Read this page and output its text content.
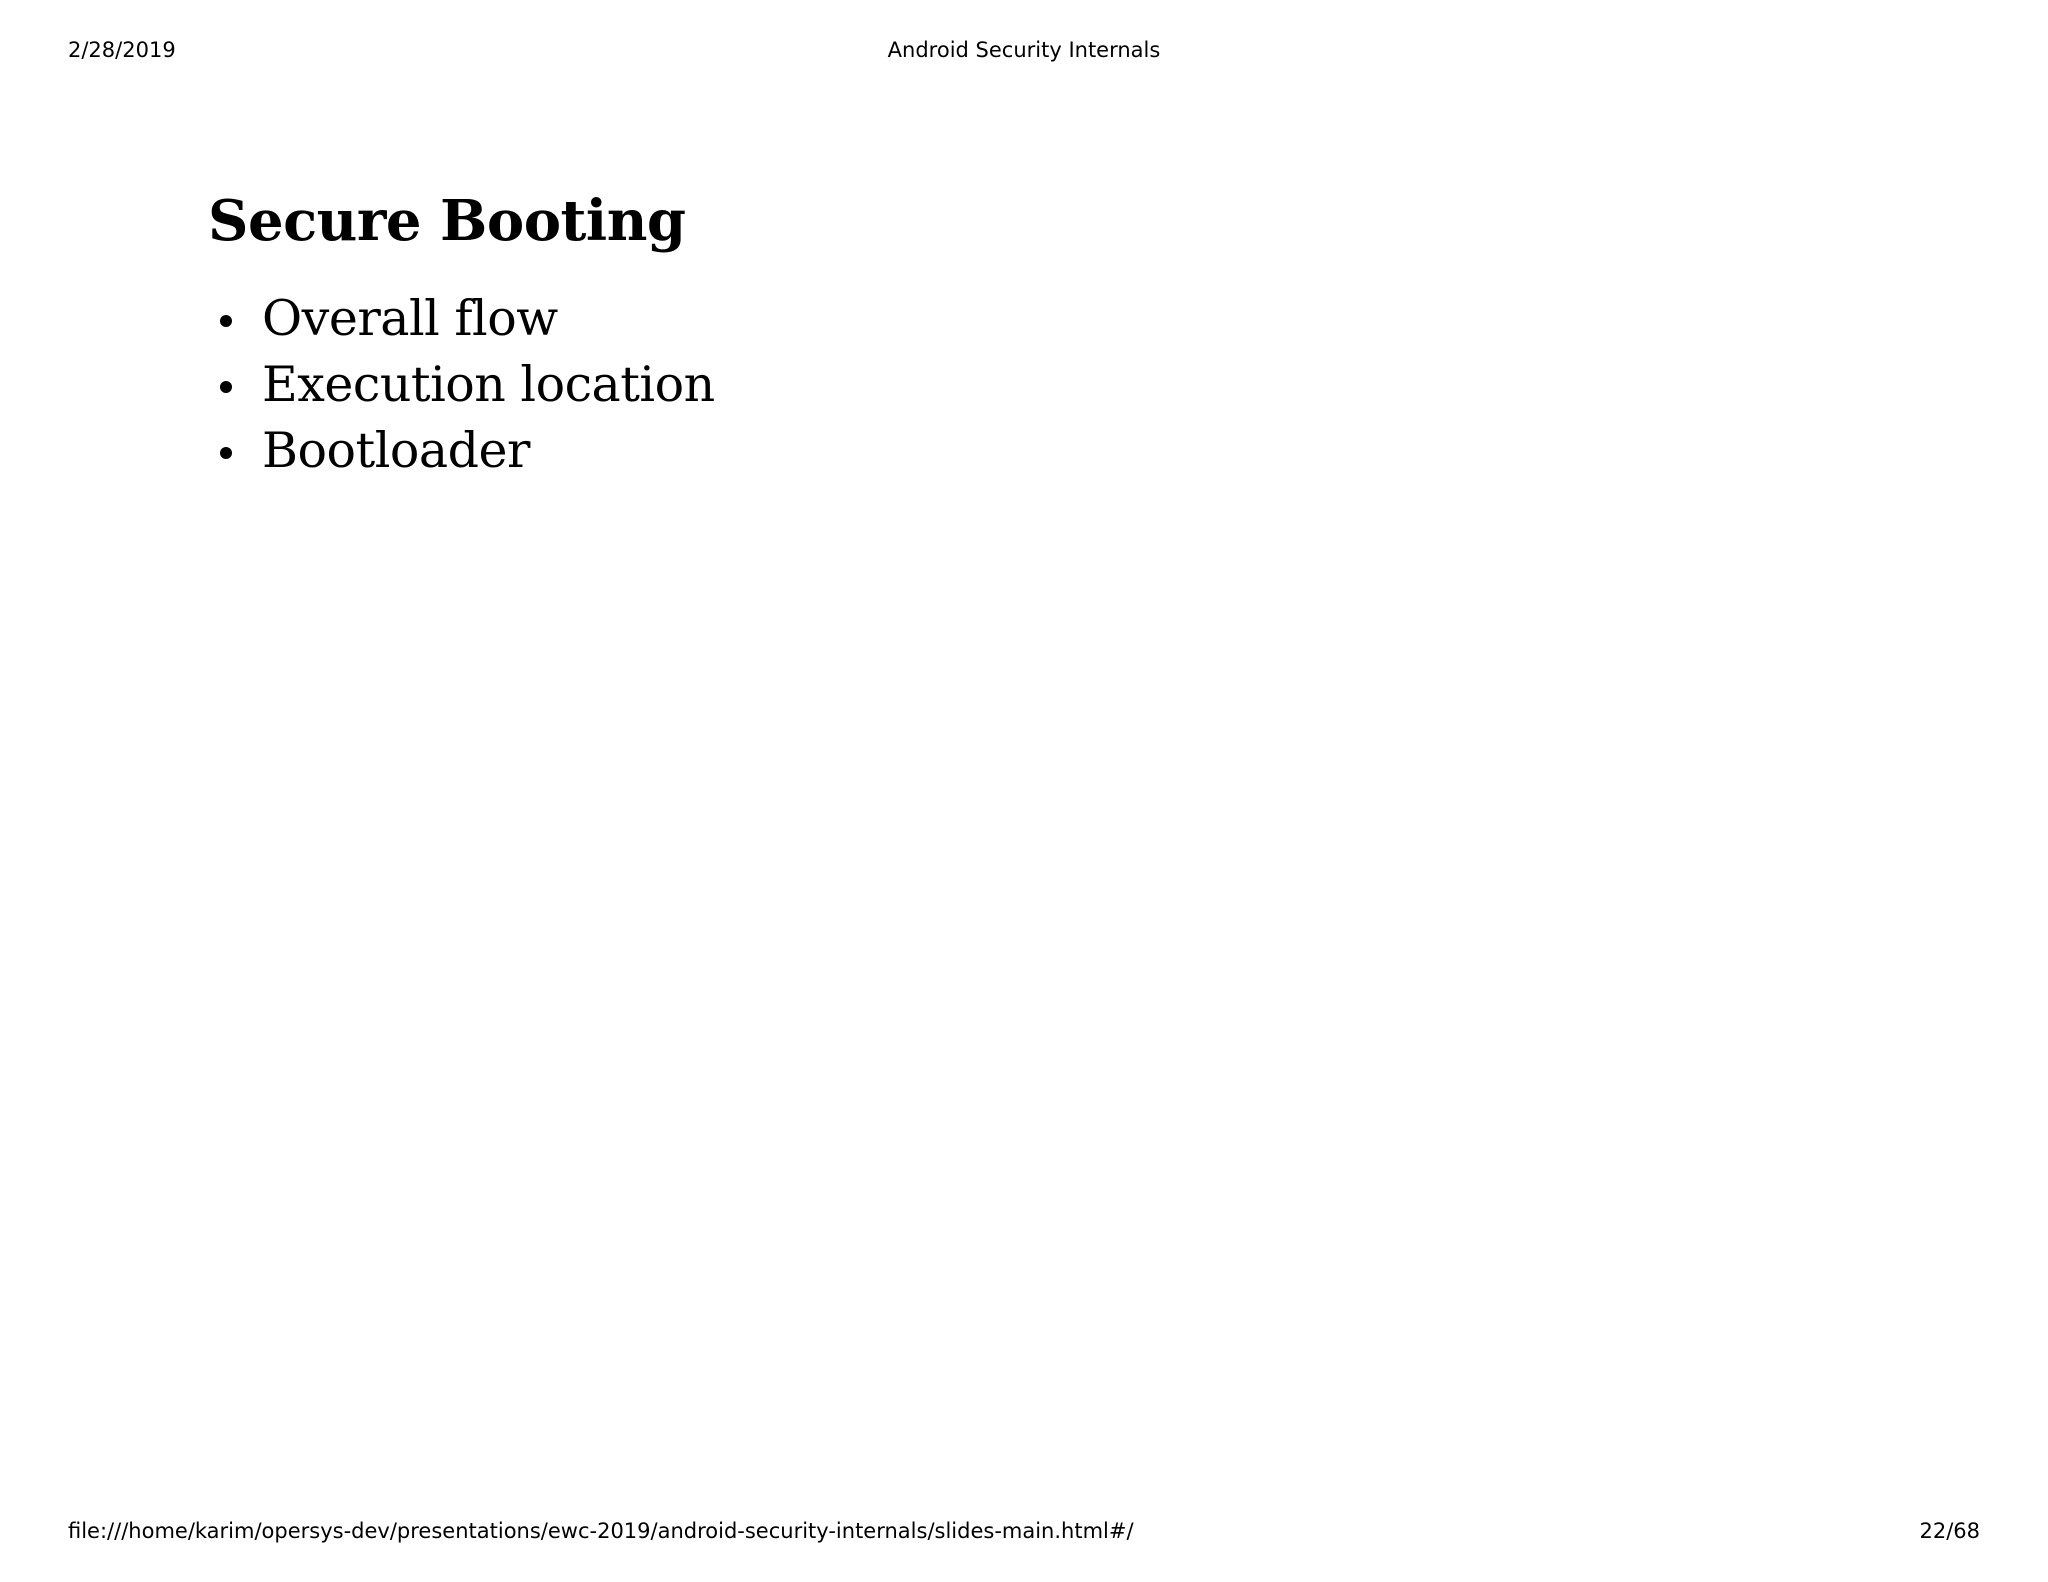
2/28/2019	Android Security Internals
Secure Booting
Overall flow
Execution location
Bootloader
file:///home/karim/opersys-dev/presentations/ewc-2019/android-security-internals/slides-main.html#/	22/68
